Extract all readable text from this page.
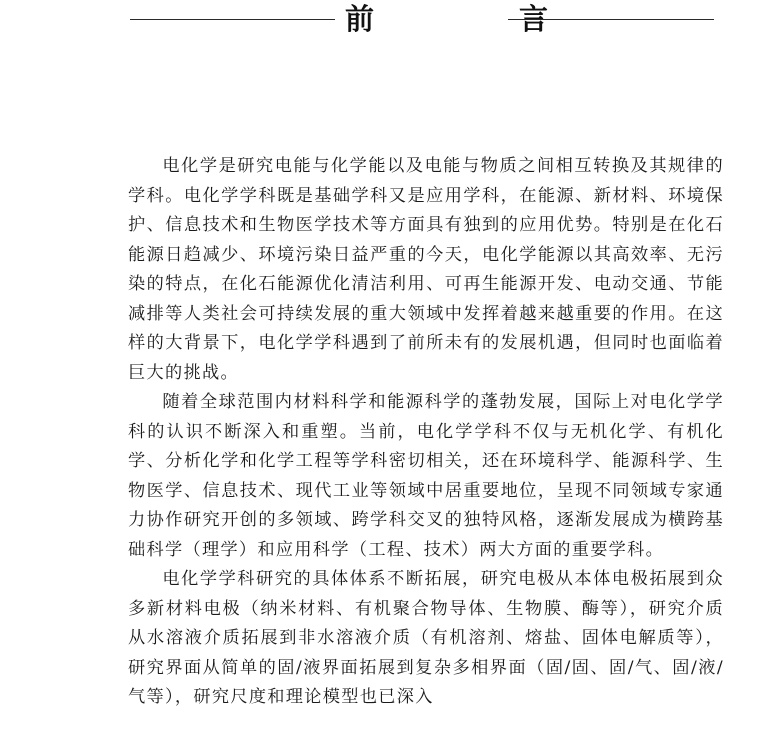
前　言

电化学是研究电能与化学能以及电能与物质之间相互转换及其规律的学科。电化学学科既是基础学科又是应用学科，在能源、新材料、环境保护、信息技术和生物医学技术等方面具有独到的应用优势。特别是在化石能源日趋减少、环境污染日益严重的今天，电化学能源以其高效率、无污染的特点，在化石能源优化清洁利用、可再生能源开发、电动交通、节能减排等人类社会可持续发展的重大领域中发挥着越来越重要的作用。在这样的大背景下，电化学学科遇到了前所未有的发展机遇，但同时也面临着巨大的挑战。

随着全球范围内材料科学和能源科学的蓬勃发展，国际上对电化学学科的认识不断深入和重塑。当前，电化学学科不仅与无机化学、有机化学、分析化学和化学工程等学科密切相关，还在环境科学、能源科学、生物医学、信息技术、现代工业等领域中居重要地位，呈现不同领域专家通力协作研究开创的多领域、跨学科交叉的独特风格，逐渐发展成为横跨基础科学（理学）和应用科学（工程、技术）两大方面的重要学科。

电化学学科研究的具体体系不断拓展，研究电极从本体电极拓展到众多新材料电极（纳米材料、有机聚合物导体、生物膜、酶等），研究介质从水溶液介质拓展到非水溶液介质（有机溶剂、熔盐、固体电解质等），研究界面从简单的固/液界面拓展到复杂多相界面（固/固、固/气、固/液/气等），研究尺度和理论模型也已深入
